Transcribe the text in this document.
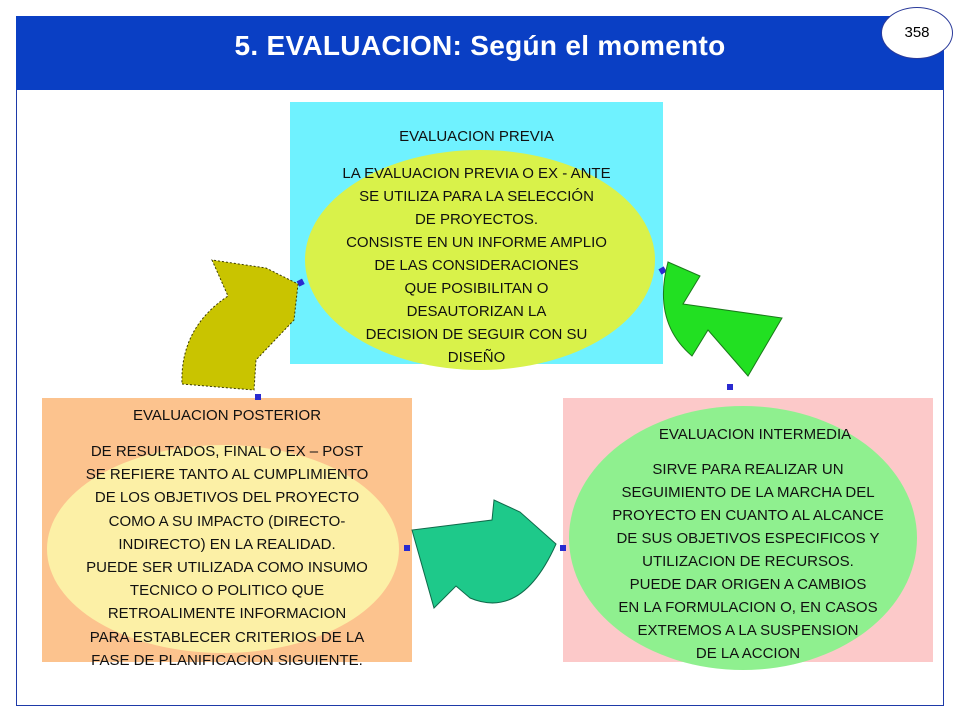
5. EVALUACION: Según el momento	358
EVALUACION PREVIA
LA EVALUACION PREVIA O EX - ANTE
SE UTILIZA PARA LA SELECCIÓN
DE PROYECTOS.
CONSISTE EN UN INFORME AMPLIO
DE LAS CONSIDERACIONES
QUE POSIBILITAN O
DESAUTORIZAN LA
DECISION DE SEGUIR CON SU
DISEÑO
EVALUACION POSTERIOR
DE RESULTADOS, FINAL O EX – POST
SE REFIERE TANTO AL CUMPLIMIENTO
DE LOS OBJETIVOS DEL PROYECTO
COMO A SU IMPACTO (DIRECTO-
INDIRECTO) EN LA REALIDAD.
PUEDE SER UTILIZADA COMO INSUMO
TECNICO O POLITICO QUE
RETROALIMENTE INFORMACION
PARA ESTABLECER CRITERIOS DE LA
FASE DE PLANIFICACION SIGUIENTE.
EVALUACION INTERMEDIA
SIRVE PARA REALIZAR UN
SEGUIMIENTO DE LA MARCHA DEL
PROYECTO EN CUANTO AL ALCANCE
DE SUS OBJETIVOS ESPECIFICOS Y
UTILIZACION DE RECURSOS.
PUEDE DAR ORIGEN A CAMBIOS
EN LA FORMULACION O, EN CASOS
EXTREMOS A LA SUSPENSION
DE LA ACCION
